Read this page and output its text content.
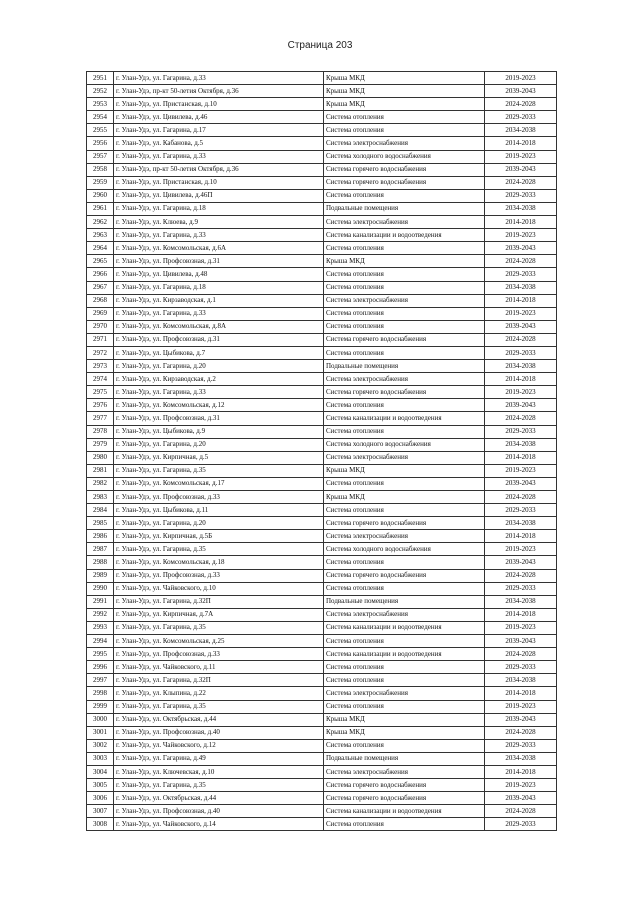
Страница 203
2951	г. Улан-Удэ, ул. Гагарина, д.33	Крыша МКД	2019-2023
2952	г. Улан-Удэ, пр-кт 50-летия Октября, д.36	Крыша МКД	2039-2043
2953	г. Улан-Удэ, ул. Пристанская, д.10	Крыша МКД	2024-2028
2954	г. Улан-Удэ, ул. Цивилева, д.46	Система отопления	2029-2033
2955	г. Улан-Удэ, ул. Гагарина, д.17	Система отопления	2034-2038
2956	г. Улан-Удэ, ул. Кабанова, д.5	Система электроснабжения	2014-2018
2957	г. Улан-Удэ, ул. Гагарина, д.33	Система холодного водоснабжения	2019-2023
2958	г. Улан-Удэ, пр-кт 50-летия Октября, д.36	Система горячего водоснабжения	2039-2043
2959	г. Улан-Удэ, ул. Пристанская, д.10	Система горячего водоснабжения	2024-2028
2960	г. Улан-Удэ, ул. Цивилева, д.46П	Система отопления	2029-2033
2961	г. Улан-Удэ, ул. Гагарина, д.18	Подвальные помещения	2034-2038
2962	г. Улан-Удэ, ул. Клюева, д.9	Система электроснабжения	2014-2018
2963	г. Улан-Удэ, ул. Гагарина, д.33	Система канализации и водоотведения	2019-2023
2964	г. Улан-Удэ, ул. Комсомольская, д.6А	Система отопления	2039-2043
2965	г. Улан-Удэ, ул. Профсоюзная, д.31	Крыша МКД	2024-2028
2966	г. Улан-Удэ, ул. Цивилева, д.48	Система отопления	2029-2033
2967	г. Улан-Удэ, ул. Гагарина, д.18	Система отопления	2034-2038
2968	г. Улан-Удэ, ул. Кирзаводская, д.1	Система электроснабжения	2014-2018
2969	г. Улан-Удэ, ул. Гагарина, д.33	Система отопления	2019-2023
2970	г. Улан-Удэ, ул. Комсомольская, д.8А	Система отопления	2039-2043
2971	г. Улан-Удэ, ул. Профсоюзная, д.31	Система горячего водоснабжения	2024-2028
2972	г. Улан-Удэ, ул. Цыбикова, д.7	Система отопления	2029-2033
2973	г. Улан-Удэ, ул. Гагарина, д.20	Подвальные помещения	2034-2038
2974	г. Улан-Удэ, ул. Кирзаводская, д.2	Система электроснабжения	2014-2018
2975	г. Улан-Удэ, ул. Гагарина, д.33	Система горячего водоснабжения	2019-2023
2976	г. Улан-Удэ, ул. Комсомольская, д.12	Система отопления	2039-2043
2977	г. Улан-Удэ, ул. Профсоюзная, д.31	Система канализации и водоотведения	2024-2028
2978	г. Улан-Удэ, ул. Цыбикова, д.9	Система отопления	2029-2033
2979	г. Улан-Удэ, ул. Гагарина, д.20	Система холодного водоснабжения	2034-2038
2980	г. Улан-Удэ, ул. Кирпичная, д.5	Система электроснабжения	2014-2018
2981	г. Улан-Удэ, ул. Гагарина, д.35	Крыша МКД	2019-2023
2982	г. Улан-Удэ, ул. Комсомольская, д.17	Система отопления	2039-2043
2983	г. Улан-Удэ, ул. Профсоюзная, д.33	Крыша МКД	2024-2028
2984	г. Улан-Удэ, ул. Цыбикова, д.11	Система отопления	2029-2033
2985	г. Улан-Удэ, ул. Гагарина, д.20	Система горячего водоснабжения	2034-2038
2986	г. Улан-Удэ, ул. Кирпичная, д.5Б	Система электроснабжения	2014-2018
2987	г. Улан-Удэ, ул. Гагарина, д.35	Система холодного водоснабжения	2019-2023
2988	г. Улан-Удэ, ул. Комсомольская, д.18	Система отопления	2039-2043
2989	г. Улан-Удэ, ул. Профсоюзная, д.33	Система горячего водоснабжения	2024-2028
2990	г. Улан-Удэ, ул. Чайковского, д.10	Система отопления	2029-2033
2991	г. Улан-Удэ, ул. Гагарина, д.32П	Подвальные помещения	2034-2038
2992	г. Улан-Удэ, ул. Кирпичная, д.7А	Система электроснабжения	2014-2018
2993	г. Улан-Удэ, ул. Гагарина, д.35	Система канализации и водоотведения	2019-2023
2994	г. Улан-Удэ, ул. Комсомольская, д.25	Система отопления	2039-2043
2995	г. Улан-Удэ, ул. Профсоюзная, д.33	Система канализации и водоотведения	2024-2028
2996	г. Улан-Удэ, ул. Чайковского, д.11	Система отопления	2029-2033
2997	г. Улан-Удэ, ул. Гагарина, д.32П	Система отопления	2034-2038
2998	г. Улан-Удэ, ул. Клыпина, д.22	Система электроснабжения	2014-2018
2999	г. Улан-Удэ, ул. Гагарина, д.35	Система отопления	2019-2023
3000	г. Улан-Удэ, ул. Октябрьская, д.44	Крыша МКД	2039-2043
3001	г. Улан-Удэ, ул. Профсоюзная, д.40	Крыша МКД	2024-2028
3002	г. Улан-Удэ, ул. Чайковского, д.12	Система отопления	2029-2033
3003	г. Улан-Удэ, ул. Гагарина, д.49	Подвальные помещения	2034-2038
3004	г. Улан-Удэ, ул. Ключевская, д.10	Система электроснабжения	2014-2018
3005	г. Улан-Удэ, ул. Гагарина, д.35	Система горячего водоснабжения	2019-2023
3006	г. Улан-Удэ, ул. Октябрьская, д.44	Система горячего водоснабжения	2039-2043
3007	г. Улан-Удэ, ул. Профсоюзная, д.40	Система канализации и водоотведения	2024-2028
3008	г. Улан-Удэ, ул. Чайковского, д.14	Система отопления	2029-2033
